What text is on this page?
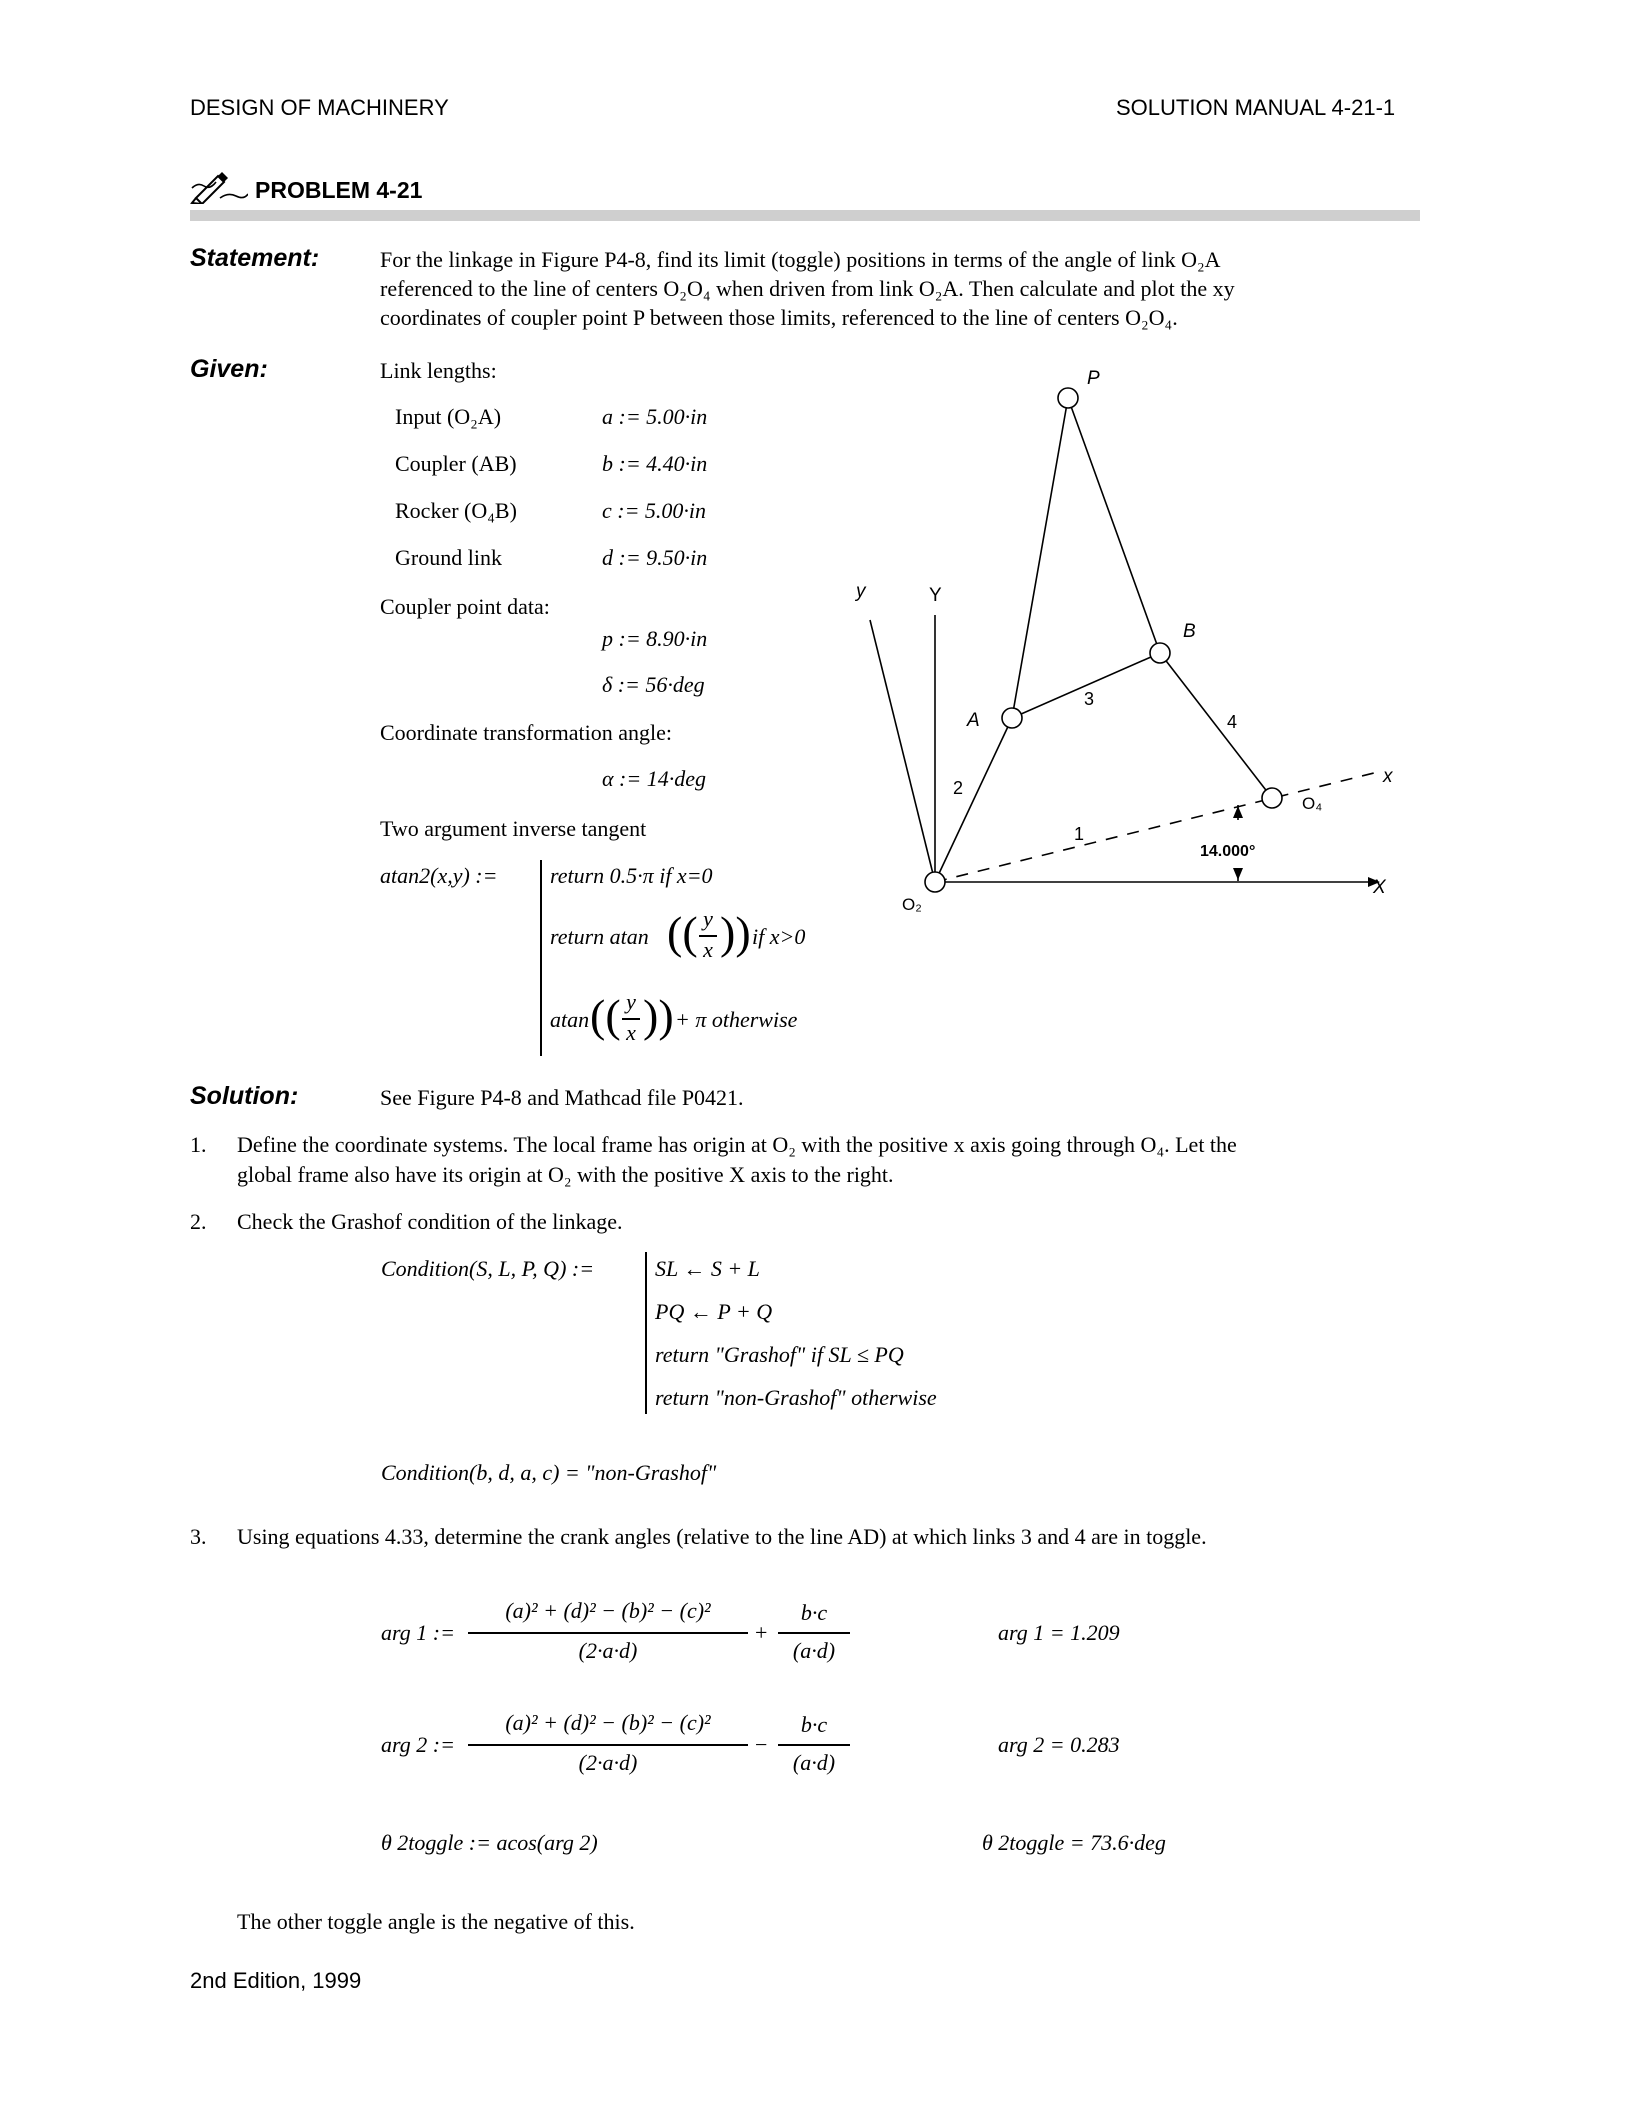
DESIGN OF MACHINERY	SOLUTION MANUAL 4-21-1
PROBLEM 4-21
Statement:	For the linkage in Figure P4-8, find its limit (toggle) positions in terms of the angle of link O₂A
referenced to the line of centers O₂O₄ when driven from link O₂A. Then calculate and plot the xy
coordinates of coupler point P between those limits, referenced to the line of centers O₂O₄.
Given:	Link lengths:
Input (O₂A)	a := 5.00·in
Coupler (AB)	b := 4.40·in
Rocker (O₄B)	c := 5.00·in
Ground link	d := 9.50·in
Coupler point data:
p := 8.90·in
δ := 56·deg
Coordinate transformation angle:
α := 14·deg
Two argument inverse tangent
atan2(x,y) := return 0.5·π if x=0
return atan (( y
x )) if x>0
atan (( y
x )) + π otherwise
P
B
A
O₄
O₂
x
X
y	Y
1
2
3
4
14.000°
Solution:	See Figure P4-8 and Mathcad file P0421.
1. Define the coordinate systems. The local frame has origin at O₂ with the positive x axis going through O₄. Let the
global frame also have its origin at O₂ with the positive X axis to the right.
2. Check the Grashof condition of the linkage.
Condition(S, L, P, Q) :=	SL ← S + L
PQ ← P + Q
return "Grashof" if SL ≤ PQ
return "non-Grashof" otherwise
Condition(b, d, a, c) = "non-Grashof"
3. Using equations 4.33, determine the crank angles (relative to the line AD) at which links 3 and 4 are in toggle.
arg 1 :=
(a)² + (d)² − (b)² − (c)²
(2·a·d)
+
b·c
(a·d)
arg 1 = 1.209
arg 2 :=
(a)² + (d)² − (b)² − (c)²
(2·a·d)
−
b·c
(a·d)
arg 2 = 0.283
θ 2toggle := acos(arg 2)	θ 2toggle = 73.6·deg
The other toggle angle is the negative of this.
2nd Edition, 1999
